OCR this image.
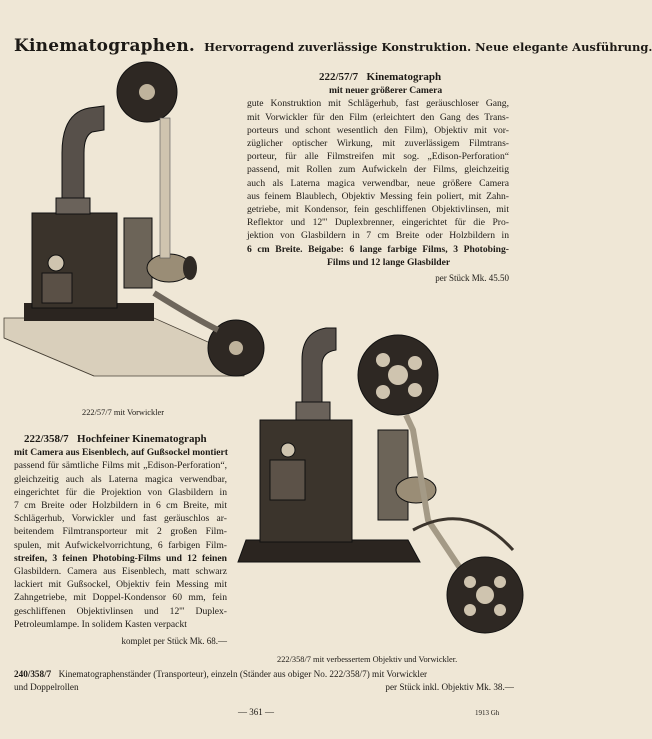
Kinematographen. Hervorragend zuverlässige Konstruktion. Neue elegante Ausführung.
222/57/7 mit Vorwickler
222/57/7 Kinematograph
mit neuer größerer Camera
gute Konstruktion mit Schlägerhub, fast geräuschloser Gang,
mit Vorwickler für den Film (erleichtert den Gang des Trans-
porteurs und schont wesentlich den Film), Objektiv mit vor-
züglicher optischer Wirkung, mit zuverlässigem Filmtrans-
porteur, für alle Filmstreifen mit sog. „Edison-Perforation“
passend, mit Rollen zum Aufwickeln der Films, gleichzeitig
auch als Laterna magica verwendbar, neue größere Camera
aus feinem Blaublech, Objektiv Messing fein poliert, mit Zahn-
getriebe, mit Kondensor, fein geschliffenen Objektivlinsen, mit
Reflektor und 12''' Duplexbrenner, eingerichtet für die Pro-
jektion von Glasbildern in 7 cm Breite oder Holzbildern in
6 cm Breite. Beigabe: 6 lange farbige Films, 3 Photobing-
Films und 12 lange Glasbilder
per Stück Mk. 45.50
222/358/7 mit verbessertem Objektiv und Vorwickler.
222/358/7 Hochfeiner Kinematograph
mit Camera aus Eisenblech, auf Gußsockel montiert
passend für sämtliche Films mit „Edison-Perforation“,
gleichzeitig auch als Laterna magica verwendbar,
eingerichtet für die Projektion von Glasbildern in
7 cm Breite oder Holzbildern in 6 cm Breite, mit
Schlägerhub, Vorwickler und fast geräuschlos ar-
beitendem Filmtransporteur mit 2 großen Film-
spulen, mit Aufwickelvorrichtung, 6 farbigen Film-
streifen, 3 feinen Photobing-Films und 12 feinen
Glasbildern. Camera aus Eisenblech, matt schwarz
lackiert mit Gußsockel, Objektiv fein Messing mit
Zahngetriebe, mit Doppel-Kondensor 60 mm, fein
geschliffenen Objektivlinsen und 12''' Duplex-
Petroleumlampe. In solidem Kasten verpackt
komplet per Stück Mk. 68.—
240/358/7 Kinematographenständer (Transporteur), einzeln (Ständer aus obiger No. 222/358/7) mit Vorwickler
und Doppelrollen	per Stück inkl. Objektiv Mk. 38.—
— 361 —	1913 Gh
